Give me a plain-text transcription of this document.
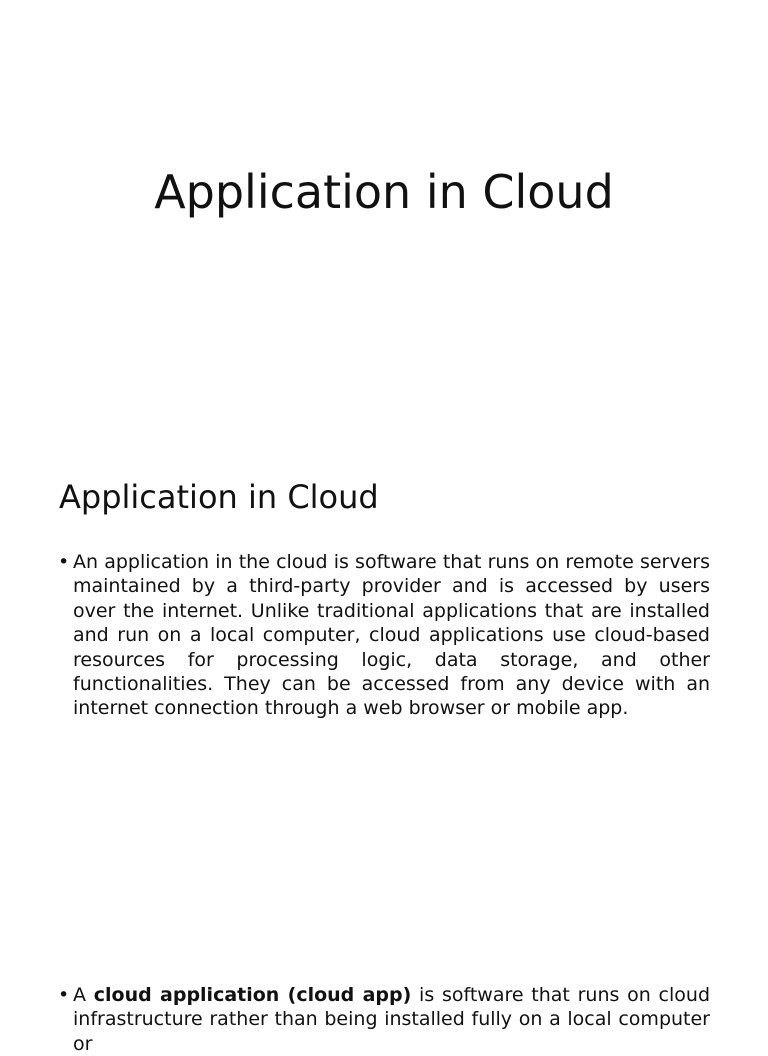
Application in Cloud
Application in Cloud
• An application in the cloud is software that runs on remote servers maintained by a third-party provider and is accessed by users over the internet. Unlike traditional applications that are installed and run on a local computer, cloud applications use cloud-based resources for processing logic, data storage, and other functionalities. They can be accessed from any device with an internet connection through a web browser or mobile app.
• A cloud application (cloud app) is software that runs on cloud infrastructure rather than being installed fully on a local computer or
